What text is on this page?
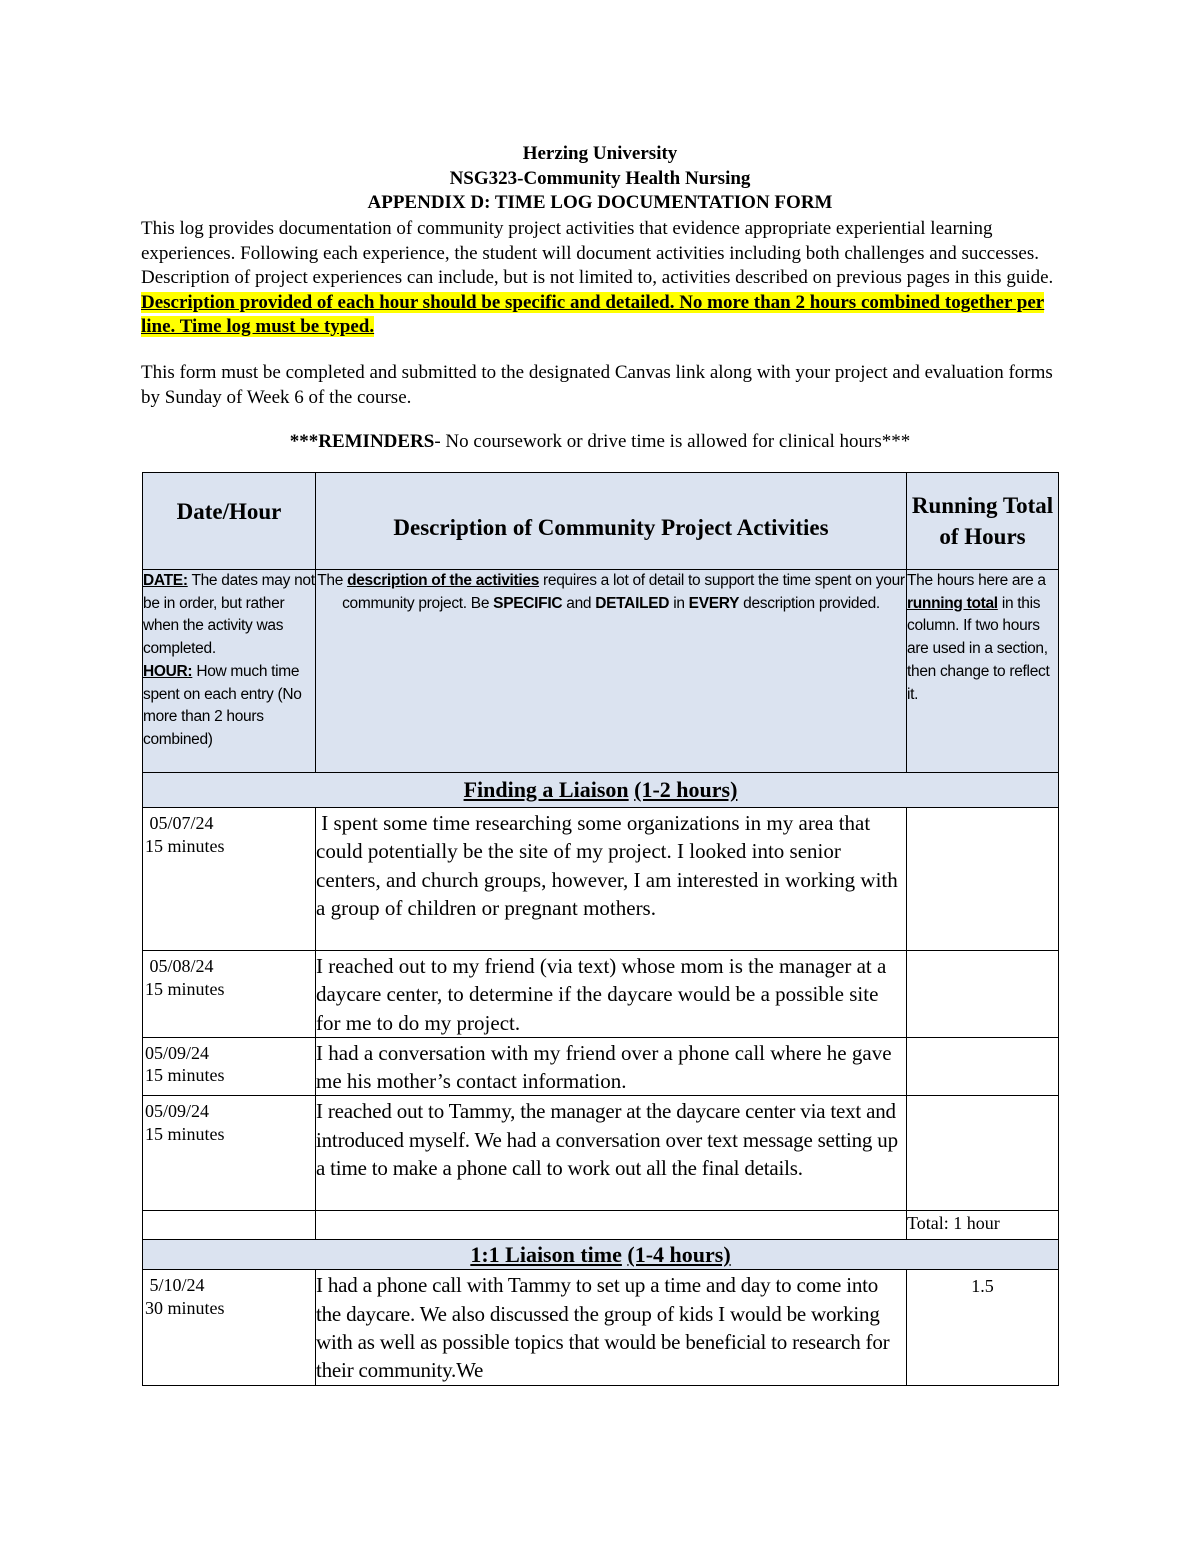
Herzing University
NSG323-Community Health Nursing
APPENDIX D: TIME LOG DOCUMENTATION FORM
This log provides documentation of community project activities that evidence appropriate experiential learning experiences. Following each experience, the student will document activities including both challenges and successes. Description of project experiences can include, but is not limited to, activities described on previous pages in this guide. Description provided of each hour should be specific and detailed. No more than 2 hours combined together per line. Time log must be typed.
This form must be completed and submitted to the designated Canvas link along with your project and evaluation forms by Sunday of Week 6 of the course.
***REMINDERS- No coursework or drive time is allowed for clinical hours***
Date/Hour	Description of Community Project Activities	Running Total of Hours
DATE: The dates may not be in order, but rather when the activity was completed.
HOUR: How much time spent on each entry (No more than 2 hours combined)	The description of the activities requires a lot of detail to support the time spent on your community project. Be SPECIFIC and DETAILED in EVERY description provided.	The hours here are a running total in this column. If two hours are used in a section, then change to reflect it.
Finding a Liaison (1-2 hours)		
05/07/24
15 minutes	I spent some time researching some organizations in my area that could potentially be the site of my project. I looked into senior centers, and church groups, however, I am interested in working with a group of children or pregnant mothers.	
05/08/24
15 minutes	I reached out to my friend (via text) whose mom is the manager at a daycare center, to determine if the daycare would be a possible site for me to do my project.	
05/09/24
15 minutes	I had a conversation with my friend over a phone call where he gave me his mother’s contact information.	
05/09/24
15 minutes	I reached out to Tammy, the manager at the daycare center via text and introduced myself. We had a conversation over text message setting up a time to make a phone call to work out all the final details.	
		Total: 1 hour
1:1 Liaison time (1-4 hours)		
5/10/24
30 minutes	I had a phone call with Tammy to set up a time and day to come into the daycare. We also discussed the group of kids I would be working with as well as possible topics that would be beneficial to research for their community.We	1.5
